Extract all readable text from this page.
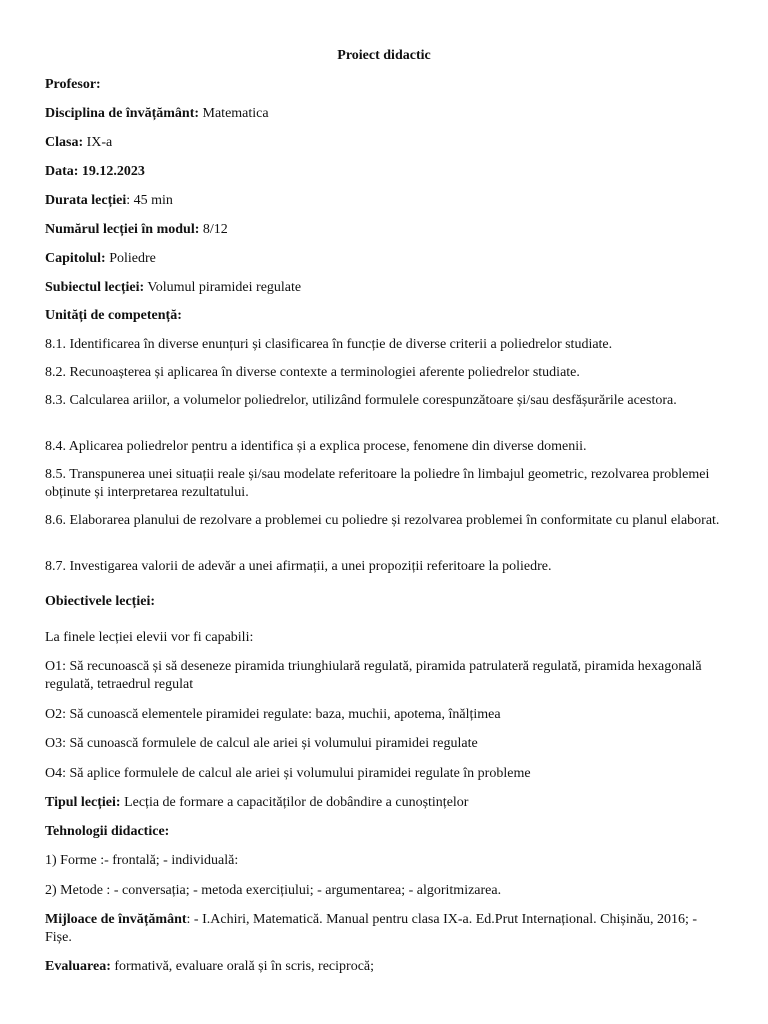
Proiect didactic
Profesor:
Disciplina de învățământ: Matematica
Clasa: IX-a
Data: 19.12.2023
Durata lecției: 45 min
Numărul lecției în modul: 8/12
Capitolul: Poliedre
Subiectul lecției: Volumul piramidei regulate
Unități de competență:
8.1. Identificarea în diverse enunțuri și clasificarea în funcție de diverse criterii a poliedrelor studiate.
8.2. Recunoașterea și aplicarea în diverse contexte a terminologiei aferente poliedrelor studiate.
8.3. Calcularea ariilor, a volumelor poliedrelor, utilizând formulele corespunzătoare și/sau desfășurările acestora.
8.4. Aplicarea poliedrelor pentru a identifica și a explica procese, fenomene din diverse domenii.
8.5. Transpunerea unei situații reale și/sau modelate referitoare la poliedre în limbajul geometric, rezolvarea problemei obținute și interpretarea rezultatului.
8.6. Elaborarea planului de rezolvare a problemei cu poliedre și rezolvarea problemei în conformitate cu planul elaborat.
8.7. Investigarea valorii de adevăr a unei afirmații, a unei propoziții referitoare la poliedre.
Obiectivele lecției:
La finele lecției elevii vor fi capabili:
O1: Să recunoască și să deseneze piramida triunghiulară regulată, piramida patrulateră regulată, piramida hexagonală regulată, tetraedrul regulat
O2: Să cunoască elementele piramidei regulate: baza, muchii, apotema, înălțimea
O3: Să cunoască formulele de calcul ale ariei și volumului piramidei regulate
O4: Să aplice formulele de calcul ale ariei și volumului piramidei regulate în probleme
Tipul lecției: Lecția de formare a capacităților de dobândire a cunoștințelor
Tehnologii didactice:
1) Forme :- frontală; - individuală:
2) Metode : - conversația; - metoda exercițiului; - argumentarea; - algoritmizarea.
Mijloace de învățământ: - I.Achiri, Matematică. Manual pentru clasa IX-a. Ed.Prut Internațional. Chișinău, 2016; - Fișe.
Evaluarea: formativă, evaluare orală și în scris, reciprocă;
